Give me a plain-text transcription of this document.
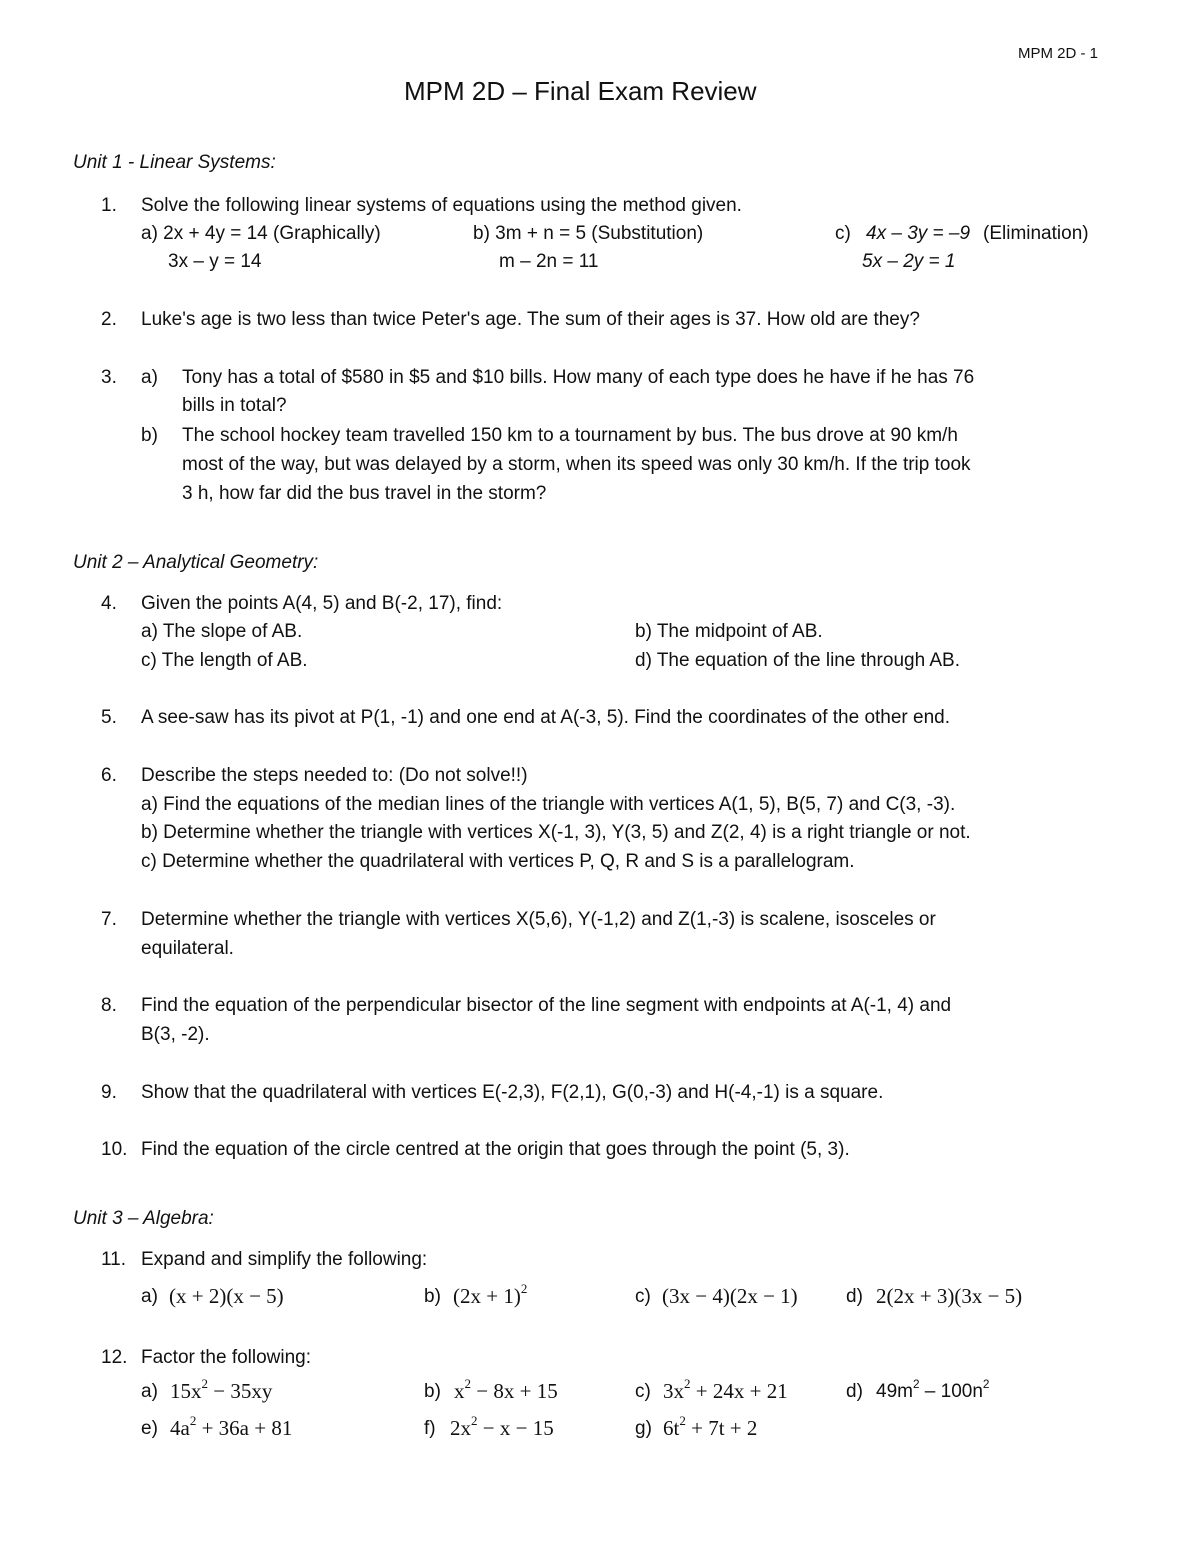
MPM 2D - 1
MPM 2D – Final Exam Review
Unit 1 - Linear Systems:
1. Solve the following linear systems of equations using the method given.
a) 2x + 4y = 14 (Graphically)
3x – y = 14
b) 3m + n = 5 (Substitution)
m – 2n = 11
c) 4x – 3y = –9 (Elimination)
5x – 2y = 1
2. Luke's age is two less than twice Peter's age. The sum of their ages is 37. How old are they?
3. a) Tony has a total of $580 in $5 and $10 bills. How many of each type does he have if he has 76
bills in total?
b) The school hockey team travelled 150 km to a tournament by bus. The bus drove at 90 km/h
most of the way, but was delayed by a storm, when its speed was only 30 km/h. If the trip took
3 h, how far did the bus travel in the storm?
Unit 2 – Analytical Geometry:
4. Given the points A(4, 5) and B(-2, 17), find:
a) The slope of AB.	b) The midpoint of AB.
c) The length of AB.	d) The equation of the line through AB.
5. A see-saw has its pivot at P(1, -1) and one end at A(-3, 5). Find the coordinates of the other end.
6. Describe the steps needed to: (Do not solve!!)
a) Find the equations of the median lines of the triangle with vertices A(1, 5), B(5, 7) and C(3, -3).
b) Determine whether the triangle with vertices X(-1, 3), Y(3, 5) and Z(2, 4) is a right triangle or not.
c) Determine whether the quadrilateral with vertices P, Q, R and S is a parallelogram.
7. Determine whether the triangle with vertices X(5,6), Y(-1,2) and Z(1,-3) is scalene, isosceles or
equilateral.
8. Find the equation of the perpendicular bisector of the line segment with endpoints at A(-1, 4) and
B(3, -2).
9. Show that the quadrilateral with vertices E(-2,3), F(2,1), G(0,-3) and H(-4,-1) is a square.
10. Find the equation of the circle centred at the origin that goes through the point (5, 3).
Unit 3 – Algebra:
11. Expand and simplify the following:
a) (x + 2)(x − 5)	b) $(2x + 1)^2$	c) (3x − 4)(2x − 1)	d) 2(2x + 3)(3x − 5)
12. Factor the following:
a) $15x^2 - 35xy$	b) $x^2 - 8x + 15$	c) $3x^2 + 24x + 21$	d) $49m^2 - 100n^2$
e) $4a^2 + 36a + 81$	f) $2x^2 - x - 15$	g) $6t^2 + 7t + 2$
